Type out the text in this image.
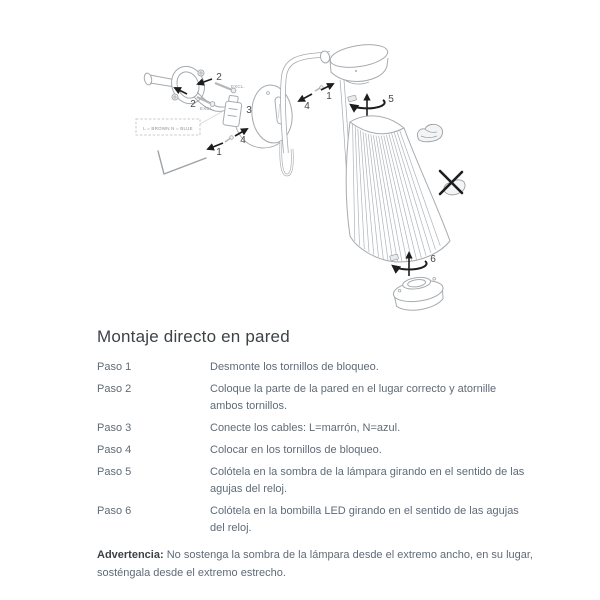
2
2
EXCL.
EXCL.
L = BROWN N = BLUE
3
1
4
4
1	5
6
Montaje directo en pared
Paso 1	Desmonte los tornillos de bloqueo.
Paso 2	Coloque la parte de la pared en el lugar correcto y atornille ambos tornillos.
Paso 3	Conecte los cables: L=marrón, N=azul.
Paso 4	Colocar en los tornillos de bloqueo.
Paso 5	Colótela en la sombra de la lámpara girando en el sentido de las agujas del reloj.
Paso 6	Colótela en la bombilla LED girando en el sentido de las agujas del reloj.

Advertencia: No sostenga la sombra de la lámpara desde el extremo ancho, en su lugar, sosténgala desde el extremo estrecho.
